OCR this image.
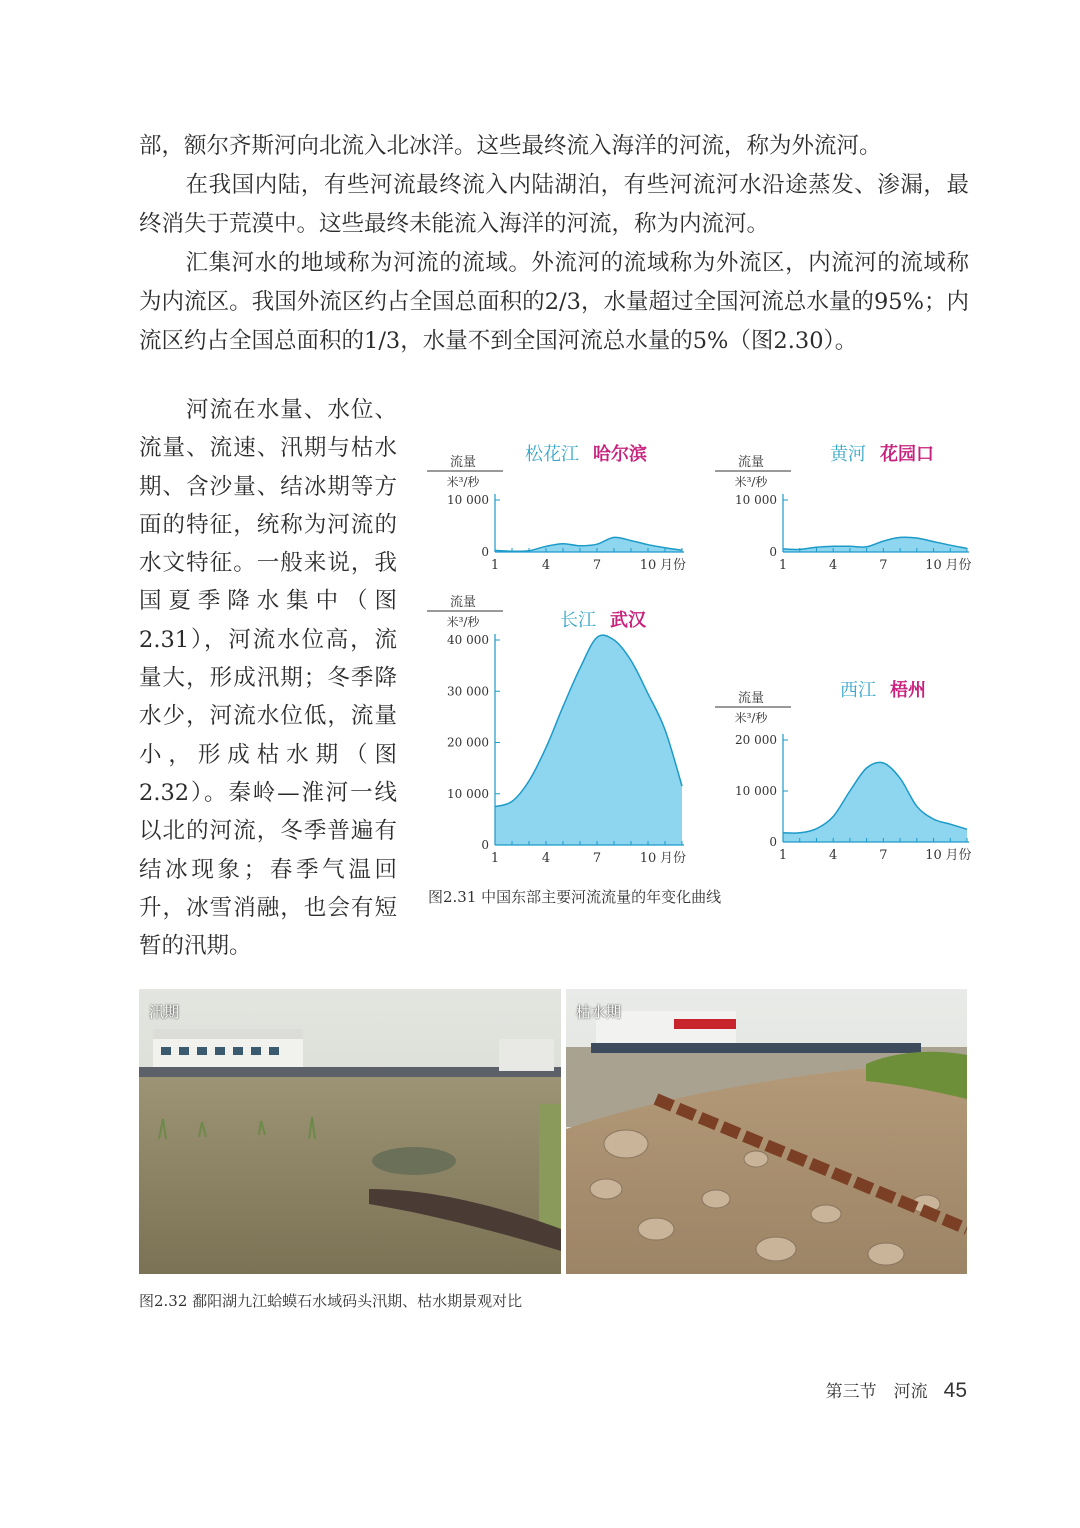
部，额尔齐斯河向北流入北冰洋。这些最终流入海洋的河流，称为外流河。

在我国内陆，有些河流最终流入内陆湖泊，有些河流河水沿途蒸发、渗漏，最终消失于荒漠中。这些最终未能流入海洋的河流，称为内流河。

汇集河水的地域称为河流的流域。外流河的流域称为外流区，内流河的流域称为内流区。我国外流区约占全国总面积的2/3，水量超过全国河流总水量的95%；内流区约占全国总面积的1/3，水量不到全国河流总水量的5%（图2.30）。

河流在水量、水位、流量、流速、汛期与枯水期、含沙量、结冰期等方面的特征，统称为河流的水文特征。一般来说，我国夏季降水集中（图2.31），河流水位高，流量大，形成汛期；冬季降水少，河流水位低，流量小，形成枯水期（图2.32）。秦岭—淮河一线以北的河流，冬季普遍有结冰现象；春季气温回升，冰雪消融，也会有短暂的汛期。

松花江 哈尔滨
流量
米³/秒
10 000
0
1	4	7	10 月份
黄河 花园口
流量
米³/秒
10 000
0
1	4	7	10 月份
长江 武汉
流量
米³/秒
40 000
30 000
20 000
10 000
0
1	4	7	10 月份
西江 梧州
流量
米³/秒
20 000
10 000
0
1	4	7	10 月份
图2.31 中国东部主要河流流量的年变化曲线
汛期	枯水期
图2.32 鄱阳湖九江蛤蟆石水域码头汛期、枯水期景观对比
第三节　河流 45
